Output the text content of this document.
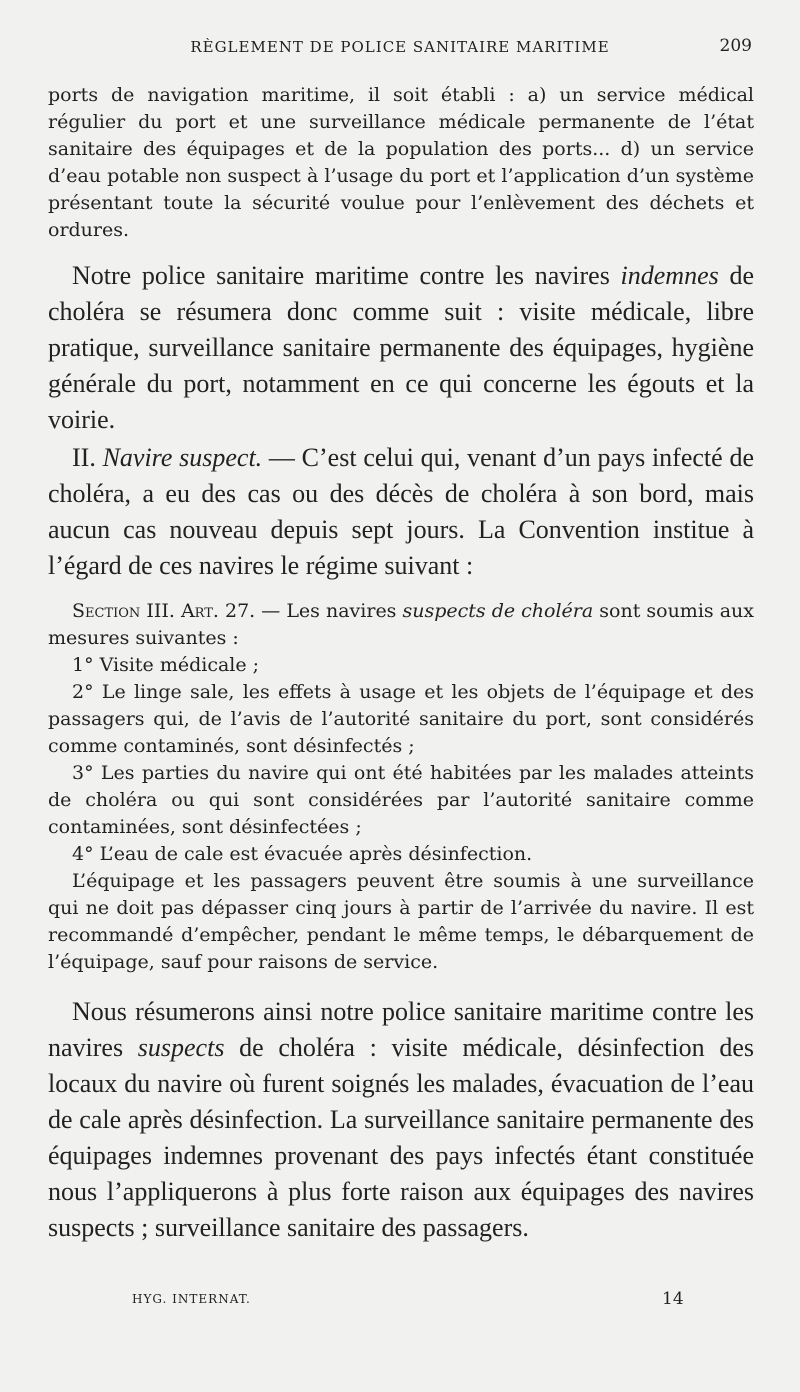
RÈGLEMENT DE POLICE SANITAIRE MARITIME	209

ports de navigation maritime, il soit établi : a) un service médical régulier du port et une surveillance médicale permanente de l’état sanitaire des équipages et de la population des ports... d) un service d’eau potable non suspect à l’usage du port et l’application d’un système présentant toute la sécurité voulue pour l’enlèvement des déchets et ordures.

Notre police sanitaire maritime contre les navires indemnes de choléra se résumera donc comme suit : visite médicale, libre pratique, surveillance sanitaire permanente des équipages, hygiène générale du port, notamment en ce qui concerne les égouts et la voirie.

II. Navire suspect. — C’est celui qui, venant d’un pays infecté de choléra, a eu des cas ou des décès de choléra à son bord, mais aucun cas nouveau depuis sept jours. La Convention institue à l’égard de ces navires le régime suivant :

Section III. Art. 27. — Les navires suspects de choléra sont soumis aux mesures suivantes :

1° Visite médicale ;

2° Le linge sale, les effets à usage et les objets de l’équipage et des passagers qui, de l’avis de l’autorité sanitaire du port, sont considérés comme contaminés, sont désinfectés ;

3° Les parties du navire qui ont été habitées par les malades atteints de choléra ou qui sont considérées par l’autorité sanitaire comme contaminées, sont désinfectées ;

4° L’eau de cale est évacuée après désinfection.

L’équipage et les passagers peuvent être soumis à une surveillance qui ne doit pas dépasser cinq jours à partir de l’arrivée du navire. Il est recommandé d’empêcher, pendant le même temps, le débarquement de l’équipage, sauf pour raisons de service.

Nous résumerons ainsi notre police sanitaire maritime contre les navires suspects de choléra : visite médicale, désinfection des locaux du navire où furent soignés les malades, évacuation de l’eau de cale après désinfection. La surveillance sanitaire permanente des équipages indemnes provenant des pays infectés étant constituée nous l’appliquerons à plus forte raison aux équipages des navires suspects ; surveillance sanitaire des passagers.

HYG. INTERNAT.	14
